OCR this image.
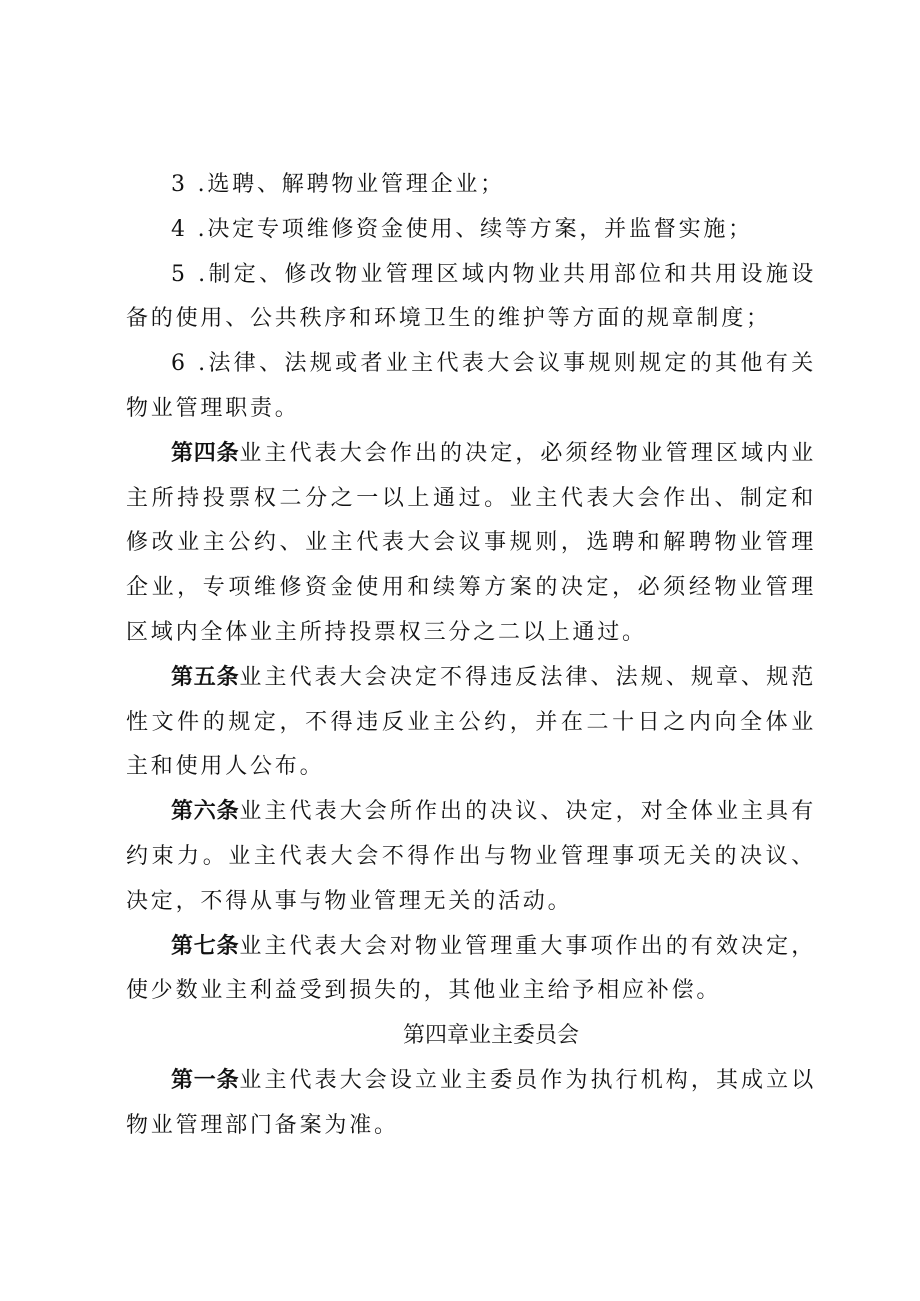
3 .选聘、解聘物业管理企业；

4 .决定专项维修资金使用、续等方案，并监督实施；

5 .制定、修改物业管理区域内物业共用部位和共用设施设备的使用、公共秩序和环境卫生的维护等方面的规章制度；

6 .法律、法规或者业主代表大会议事规则规定的其他有关物业管理职责。

第四条业主代表大会作出的决定，必须经物业管理区域内业主所持投票权二分之一以上通过。业主代表大会作出、制定和修改业主公约、业主代表大会议事规则，选聘和解聘物业管理企业，专项维修资金使用和续筹方案的决定，必须经物业管理区域内全体业主所持投票权三分之二以上通过。

第五条业主代表大会决定不得违反法律、法规、规章、规范性文件的规定，不得违反业主公约，并在二十日之内向全体业主和使用人公布。

第六条业主代表大会所作出的决议、决定，对全体业主具有约束力。业主代表大会不得作出与物业管理事项无关的决议、决定，不得从事与物业管理无关的活动。

第七条业主代表大会对物业管理重大事项作出的有效决定，使少数业主利益受到损失的，其他业主给予相应补偿。

第四章业主委员会

第一条业主代表大会设立业主委员作为执行机构，其成立以物业管理部门备案为准。
